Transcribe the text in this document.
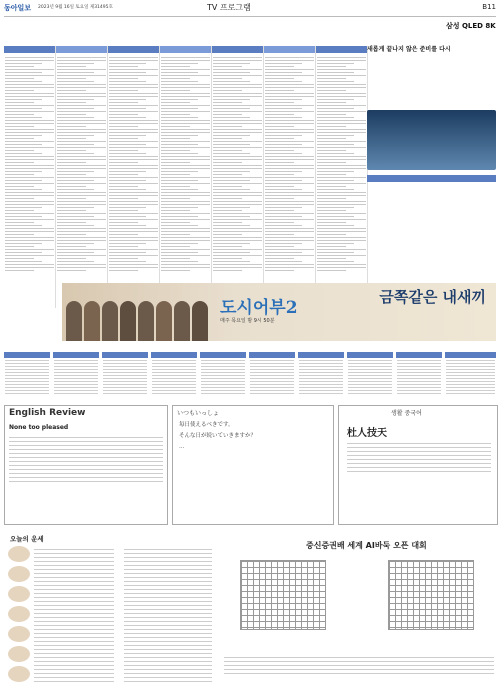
동아일보 2023년 9월 16일 토요일 제31495호	TV 프로그램	B11
삼성 QLED 8K
새롭게 끝나지 않은 준비를 다시
도시어부2
매주 목요일 밤 9시 50분
금쪽같은 내새끼
English Review
None too pleased
いつもいっしょ
毎日使えるべきです。
そんな日が続いていきますか？
…
생활 중국어
杜人技天
오늘의 운세
중신증권배 세계 AI바둑 오픈 대회
